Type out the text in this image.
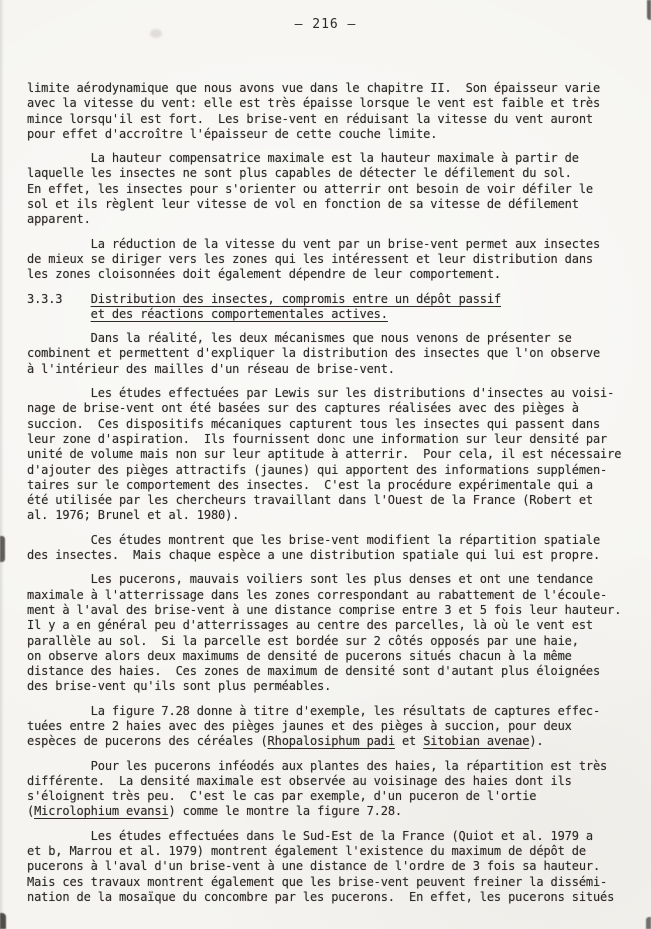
– 216 –
limite aérodynamique que nous avons vue dans le chapitre II.  Son épaisseur varie
avec la vitesse du vent: elle est très épaisse lorsque le vent est faible et très
mince lorsqu'il est fort.  Les brise-vent en réduisant la vitesse du vent auront
pour effet d'accroître l'épaisseur de cette couche limite.
La hauteur compensatrice maximale est la hauteur maximale à partir de
laquelle les insectes ne sont plus capables de détecter le défilement du sol.
En effet, les insectes pour s'orienter ou atterrir ont besoin de voir défiler le
sol et ils règlent leur vitesse de vol en fonction de sa vitesse de défilement
apparent.
La réduction de la vitesse du vent par un brise-vent permet aux insectes
de mieux se diriger vers les zones qui les intéressent et leur distribution dans
les zones cloisonnées doit également dépendre de leur comportement.
3.3.3 Distribution des insectes, compromis entre un dépôt passif
et des réactions comportementales actives.
Dans la réalité, les deux mécanismes que nous venons de présenter se
combinent et permettent d'expliquer la distribution des insectes que l'on observe
à l'intérieur des mailles d'un réseau de brise-vent.
Les études effectuées par Lewis sur les distributions d'insectes au voisi-
nage de brise-vent ont été basées sur des captures réalisées avec des pièges à
succion.  Ces dispositifs mécaniques capturent tous les insectes qui passent dans
leur zone d'aspiration.  Ils fournissent donc une information sur leur densité par
unité de volume mais non sur leur aptitude à atterrir.  Pour cela, il est nécessaire
d'ajouter des pièges attractifs (jaunes) qui apportent des informations supplémen-
taires sur le comportement des insectes.  C'est la procédure expérimentale qui a
été utilisée par les chercheurs travaillant dans l'Ouest de la France (Robert et
al. 1976; Brunel et al. 1980).
Ces études montrent que les brise-vent modifient la répartition spatiale
des insectes.  Mais chaque espèce a une distribution spatiale qui lui est propre.
Les pucerons, mauvais voiliers sont les plus denses et ont une tendance
maximale à l'atterrissage dans les zones correspondant au rabattement de l'écoule-
ment à l'aval des brise-vent à une distance comprise entre 3 et 5 fois leur hauteur.
Il y a en général peu d'atterrissages au centre des parcelles, là où le vent est
parallèle au sol.  Si la parcelle est bordée sur 2 côtés opposés par une haie,
on observe alors deux maximums de densité de pucerons situés chacun à la même
distance des haies.  Ces zones de maximum de densité sont d'autant plus éloignées
des brise-vent qu'ils sont plus perméables.
La figure 7.28 donne à titre d'exemple, les résultats de captures effec-
tuées entre 2 haies avec des pièges jaunes et des pièges à succion, pour deux
espèces de pucerons des céréales (Rhopalosiphum padi et Sitobian avenae).
Pour les pucerons inféodés aux plantes des haies, la répartition est très
différente.  La densité maximale est observée au voisinage des haies dont ils
s'éloignent très peu.  C'est le cas par exemple, d'un puceron de l'ortie
(Microlophium evansi) comme le montre la figure 7.28.
Les études effectuées dans le Sud-Est de la France (Quiot et al. 1979 a
et b, Marrou et al. 1979) montrent également l'existence du maximum de dépôt de
pucerons à l'aval d'un brise-vent à une distance de l'ordre de 3 fois sa hauteur.
Mais ces travaux montrent également que les brise-vent peuvent freiner la dissémi-
nation de la mosaïque du concombre par les pucerons.  En effet, les pucerons situés
